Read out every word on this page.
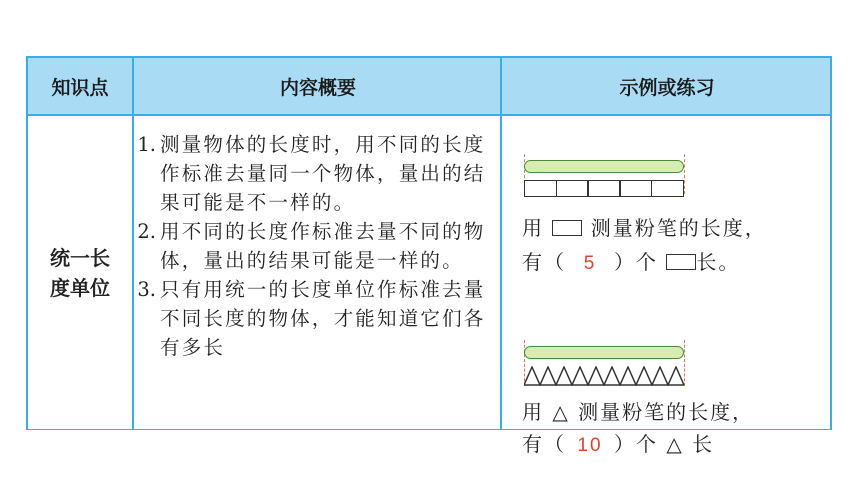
知识点	内容概要	示例或练习
统一长
度单位
1. 测量物体的长度时，用不同的长度作标准去量同一个物体，量出的结果可能是不一样的。
2. 用不同的长度作标准去量不同的物体，量出的结果可能是一样的。
3. 只有用统一的长度单位作标准去量不同长度的物体，才能知道它们各有多长
用 测量粉笔的长度，
有（ 5 ）个 长。
用 △ 测量粉笔的长度，
有（ 10 ）个 △ 长
